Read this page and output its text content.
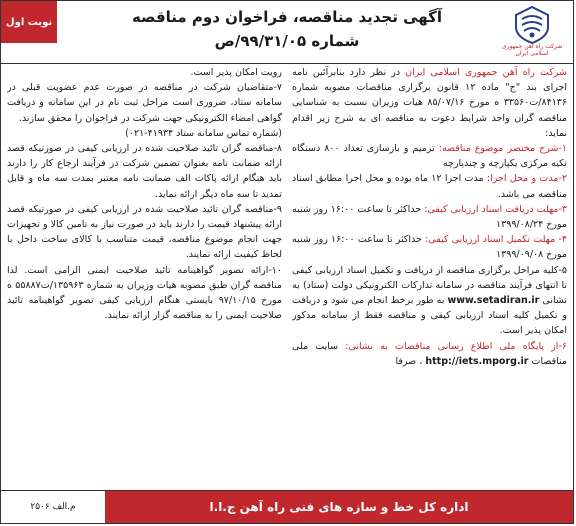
شرکت راه آهن جمهوری
اسلامی ایران
آگهی تجدید مناقصه، فراخوان دوم مناقصه
شماره ۹۹/۳۱/۰۵/ص
نوبت اول

شرکت راه آهن جمهوری اسلامی ایران در نظر دارد بنابرآئین نامه اجرای بند "ج" ماده ۱۲ قانون برگزاری مناقصات مصوبه شماره ۸۴۱۳۶/ت۳۳۵۶۰ ه مورخ ۸۵/۰۷/۱۶ هیات وزیران نسبت به شناسایی مناقصه گران واجد شرایط دعوت به مناقصه ای به شرح زیر اقدام نماید:

۱-شرح مختصر موضوع مناقصه: ترمیم و بازسازی تعداد ۸۰۰ دستگاه تکیه مرکزی یکپارچه و چندپارچه

۲-مدت و محل اجرا: مدت اجرا ۱۲ ماه بوده و محل اجرا مطابق اسناد مناقصه می باشد.

۳-مهلت دریافت اسناد ارزیابی کیفی: حداکثر تا ساعت ۱۶:۰۰ روز شنبه مورخ ۱۳۹۹/۰۸/۲۴

۴- مهلت تکمیل اسناد ارزیابی کیفی: حداکثر تا ساعت ۱۶:۰۰ روز شنبه مورخ ۱۳۹۹/۰۹/۰۸

۵-کلیه مراحل برگزاری مناقصه از دریافت و تکمیل اسناد ارزیابی کیفی تا انتهای فرآیند مناقصه در سامانه تدارکات الکترونیکی دولت (ستاد) به نشانی www.setadiran.ir به طور برخط انجام می شود و دریافت و تکمیل کلیه اسناد ارزیابی کیفی و مناقصه فقط از سامانه مذکور امکان پذیر است.

۶-از پایگاه ملی اطلاع رسانی مناقصات به نشانی: سایت ملی مناقصات http://iets.mporg.ir ، صرفا

رویت امکان پذیر است.

۷-متقاضیان شرکت در مناقصه در صورت عدم عضویت قبلی در سامانه ستاد، ضروری است مراحل ثبت نام در این سامانه و دریافت گواهی امضاء الکترونیکی جهت شرکت در فراخوان را محقق سازند.

(شماره تماس سامانه ستاد ۴۱۹۳۴-۰۲۱)

۸-مناقصه گران تائید صلاحیت شده در ارزیابی کیفی در صورتیکه قصد ارائه ضمانت نامه بعنوان تضمین شرکت در فرآیند ارجاع کار را دارند باید هنگام ارائه پاکات الف ضمانت نامه معتبر بمدت سه ماه و قابل تمدید تا سه ماه دیگر ارائه نماید.

۹-مناقصه گران تائید صلاحیت شده در ارزیابی کیفی در صورتیکه قصد ارائه پیشنهاد قیمت را دارند باید در صورت نیاز به تامین کالا و تجهیزات جهت انجام موضوع مناقصه، قیمت متناسب با کالای ساخت داخل با لحاظ کیفیت ارائه نمایند.

۱۰-ارائه تصویر گواهینامه تائید صلاحیت ایمنی الزامی است. لذا مناقصه گران طبق مصوبه هیات وزیران به شماره ۱۳۵۹۶۳/ت۵۵۸۸۷ ه مورخ ۹۷/۱۰/۱۵ بایستی هنگام ارزیابی کیفی تصویر گواهینامه تائید صلاحیت ایمنی را به مناقصه گزار ارائه نمایند.

م.الف ۲۵۰۶	اداره کل خط و سازه های فنی راه آهن ج.ا.ا
